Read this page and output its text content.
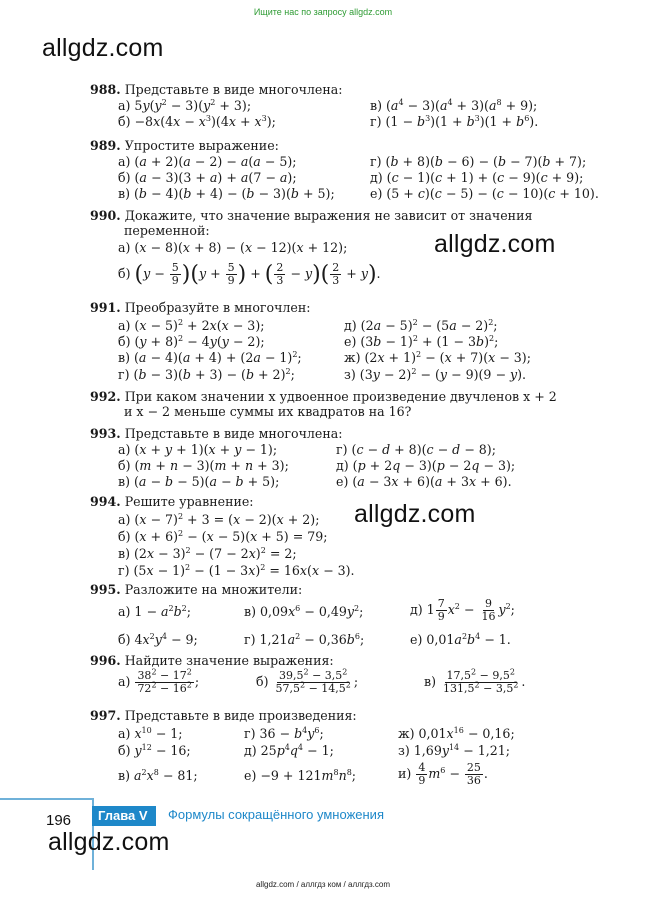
Ищите нас по запросу allgdz.com
allgdz.com
988. Представьте в виде многочлена:
а) $5y(y^2 - 3)(y^2 + 3)$;	в) $(a^4 - 3)(a^4 + 3)(a^8 + 9)$;
$б) -8x(4x - x^3)(4x + x^3)$;	г) $(1 - b^3)(1 + b^3)(1 + b^6)$.
989. Упростите выражение:
а) (a + 2)(a − 2) − a(a − 5);	г) (b + 8)(b − 6) − (b − 7)(b + 7);
б) (a − 3)(3 + a) + a(7 − a);	д) (c − 1)(c + 1) + (c − 9)(c + 9);
в) (b − 4)(b + 4) − (b − 3)(b + 5);	е) (5 + c)(c − 5) − (c − 10)(c + 10).
990. Докажите, что значение выражения не зависит от значения
переменной:
а) (x − 8)(x + 8) − (x − 12)(x + 12);
б) $(y - \frac{5}{9} )(y + \frac{5}{9}$ ) + ( $\frac{2}{3} - y)( \frac{2}{3} + y)$.
allgdz.com
991. Преобразуйте в многочлен:
а) $(x - 5)^2 + 2x(x - 3)$;	д) $(2a - 5)^2 - (5a - 2)^2$;
б) $(y + 8)^2 - 4y(y - 2)$;	е) $(3b - 1)^2 + (1 - 3b)^2$;
в) $(a - 4)(a + 4) + (2a - 1)^2$;	ж) $(2x + 1)^2 - (x + 7)(x - 3)$;
г) $(b - 3)(b + 3) - (b + 2)^2$;	з) $(3y - 2)^2 - (y - 9)(9 - y)$.
992. При каком значении x удвоенное произведение двучленов x + 2
и x − 2 меньше суммы их квадратов на 16?
993. Представьте в виде многочлена:
а) (x + y + 1)(x + y − 1);	г) (c − d + 8)(c − d − 8);
б) (m + n − 3)(m + n + 3);	д) (p + 2q − 3)(p − 2q − 3);
в) (a − b − 5)(a − b + 5);	е) (a − 3x + 6)(a + 3x + 6).
994. Решите уравнение:
а) $(x - 7)^2 + 3 = (x - 2)(x + 2)$;
б) $(x + 6)^2 - (x - 5)(x + 5) = 79$;
в) $(2x - 3)^2 - (7 - 2x)^2 = 2$;
г) $(5x - 1)^2 - (1 - 3x)^2 = 16x(x - 3)$.
allgdz.com
995. Разложите на множители:
а) $1 - a^2b^2$;	в) $0,09x^6 - 0,49y^2$;	д) $1 \frac{7}{9} x^2 - \frac{9}{16} y^2$;
б) $4x^2y^4 - 9$;	г) $1,21a^2 - 0,36b^6$;	е) $0,01a^2b^4 - 1$.
996. Найдите значение выражения:
$а) \frac{38^2 - 17^2}{72^2 - 16^2}$ ;	$б) \frac{39,5^2 - 3,5^2}{57,5^2 - 14,5^2}$ ;	$в) \frac{17,5^2 - 9,5^2}{131,5^2 - 3,5^2}$ .
997. Представьте в виде произведения:
а) $x^{10} - 1$;	г) $36 - b^4y^6$;	ж) $0,01x^{16} - 0,16$;
б) $y^{12} - 16$;	д) $25p^4q^4 - 1$;	з) $1,69y^{14} - 1,21$;
в) $a^2x^8 - 81$;	$е) -9 + 121m^8n^8$;	$и) \frac{4}{9} m^6 - \frac{25}{36}$ .
196	Глава V	Формулы сокращённого умножения
allgdz.com
allgdz.com / аллгдз ком / аллгдз.com
